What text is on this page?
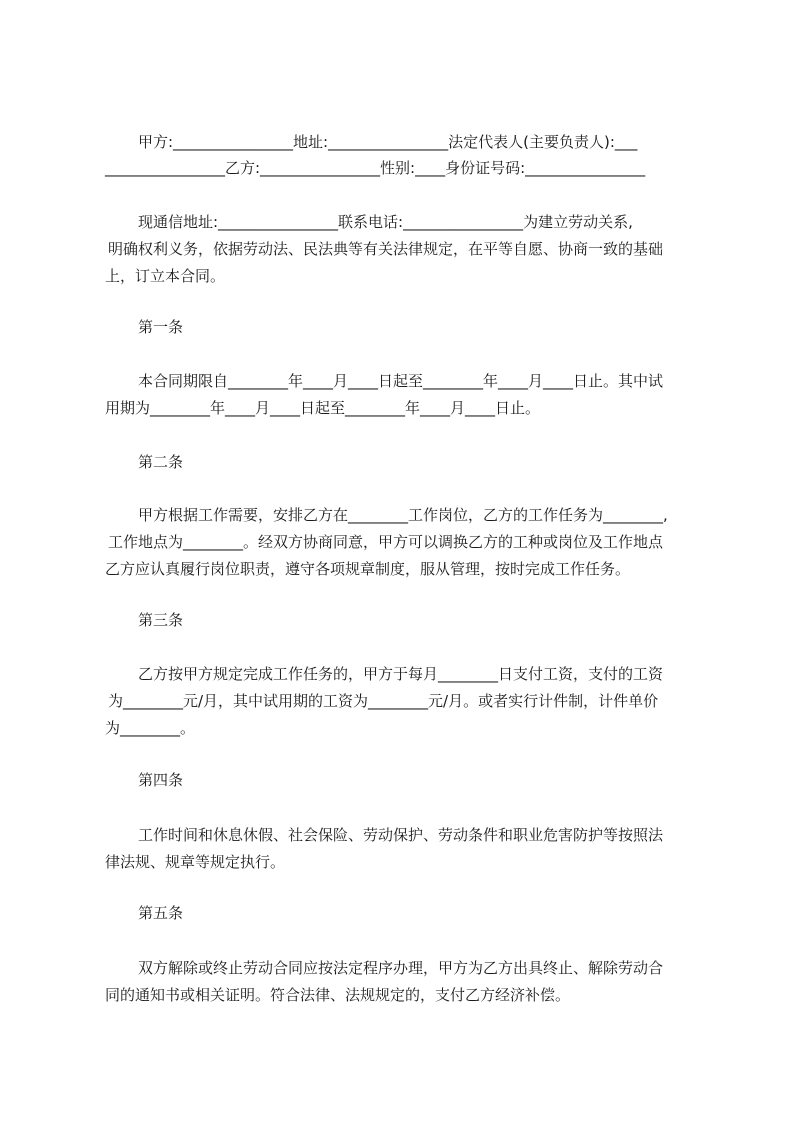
甲方:________________地址:________________法定代表人(主要负责人):___

________________乙方:________________性别:____身份证号码:________________

现通信地址:________________联系电话:________________为建立劳动关系,

明确权利义务，依据劳动法、民法典等有关法律规定，在平等自愿、协商一致的基础

上，订立本合同。

第一条

本合同期限自________年____月____日起至________年____月____日止。其中试

用期为________年____月____日起至________年____月____日止。

第二条

甲方根据工作需要，安排乙方在________工作岗位，乙方的工作任务为________,

工作地点为________。经双方协商同意，甲方可以调换乙方的工种或岗位及工作地点

乙方应认真履行岗位职责，遵守各项规章制度，服从管理，按时完成工作任务。

第三条

乙方按甲方规定完成工作任务的，甲方于每月________日支付工资，支付的工资

为________元/月，其中试用期的工资为________元/月。或者实行计件制，计件单价

为________。

第四条

工作时间和休息休假、社会保险、劳动保护、劳动条件和职业危害防护等按照法

律法规、规章等规定执行。

第五条

双方解除或终止劳动合同应按法定程序办理，甲方为乙方出具终止、解除劳动合

同的通知书或相关证明。符合法律、法规规定的，支付乙方经济补偿。
